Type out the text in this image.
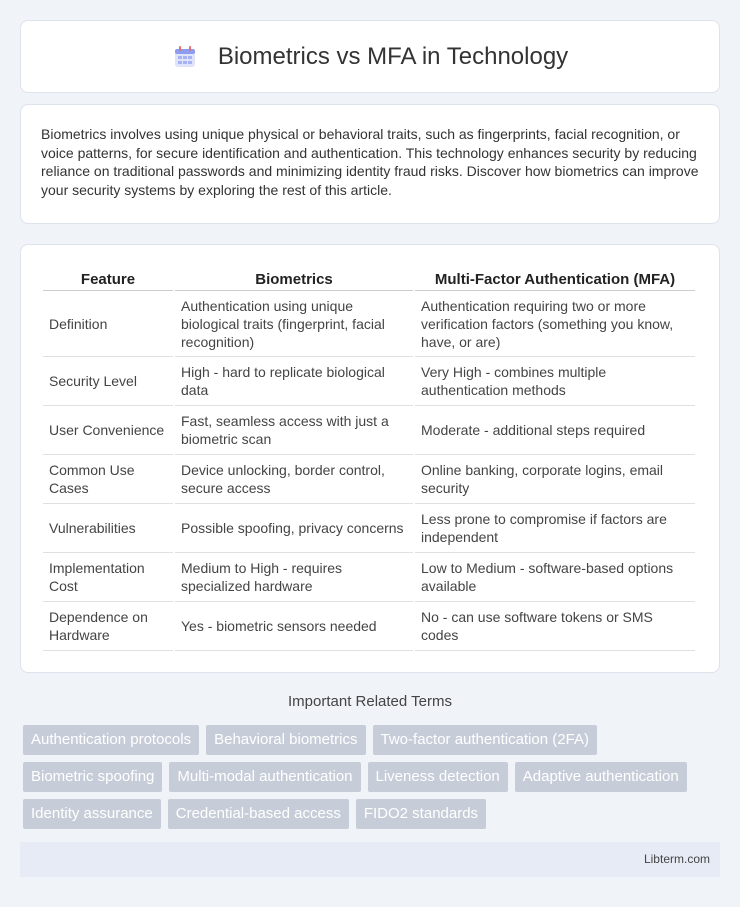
Biometrics vs MFA in Technology

Biometrics involves using unique physical or behavioral traits, such as fingerprints, facial recognition, or voice patterns, for secure identification and authentication. This technology enhances security by reducing reliance on traditional passwords and minimizing identity fraud risks. Discover how biometrics can improve your security systems by exploring the rest of this article.

Feature	Biometrics	Multi-Factor Authentication (MFA)
Definition	Authentication using unique biological traits (fingerprint, facial recognition)	Authentication requiring two or more verification factors (something you know, have, or are)
Security Level	High - hard to replicate biological data	Very High - combines multiple authentication methods
User Convenience	Fast, seamless access with just a biometric scan	Moderate - additional steps required
Common Use Cases	Device unlocking, border control, secure access	Online banking, corporate logins, email security
Vulnerabilities	Possible spoofing, privacy concerns	Less prone to compromise if factors are independent
Implementation Cost	Medium to High - requires specialized hardware	Low to Medium - software-based options available
Dependence on Hardware	Yes - biometric sensors needed	No - can use software tokens or SMS codes
Important Related Terms
Authentication protocols	Behavioral biometrics	Two-factor authentication (2FA)
Biometric spoofing	Multi-modal authentication	Liveness detection	Adaptive authentication
Identity assurance	Credential-based access	FIDO2 standards
Libterm.com
